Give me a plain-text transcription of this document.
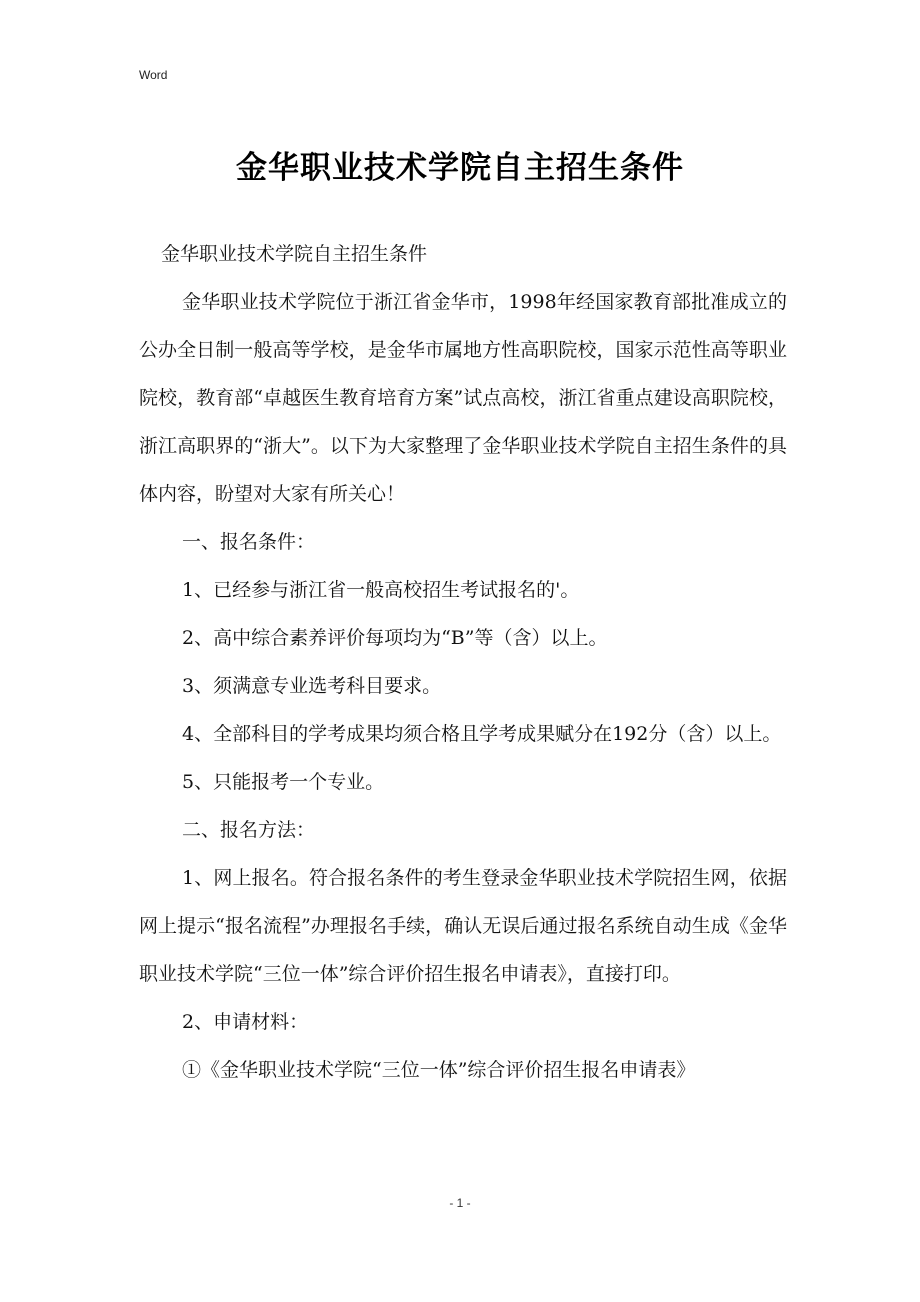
Word
金华职业技术学院自主招生条件

金华职业技术学院自主招生条件

金华职业技术学院位于浙江省金华市，1998年经国家教育部批准成立的公办全日制一般高等学校，是金华市属地方性高职院校，国家示范性高等职业院校，教育部“卓越医生教育培育方案”试点高校，浙江省重点建设高职院校，浙江高职界的“浙大”。以下为大家整理了金华职业技术学院自主招生条件的具体内容，盼望对大家有所关心！

一、报名条件：

1、已经参与浙江省一般高校招生考试报名的'。

2、高中综合素养评价每项均为“B”等（含）以上。

3、须满意专业选考科目要求。

4、全部科目的学考成果均须合格且学考成果赋分在192分（含）以上。

5、只能报考一个专业。

二、报名方法：

1、网上报名。符合报名条件的考生登录金华职业技术学院招生网，依据网上提示“报名流程”办理报名手续，确认无误后通过报名系统自动生成《金华职业技术学院“三位一体”综合评价招生报名申请表》，直接打印。

2、申请材料：

①《金华职业技术学院“三位一体”综合评价招生报名申请表》

- 1 -
